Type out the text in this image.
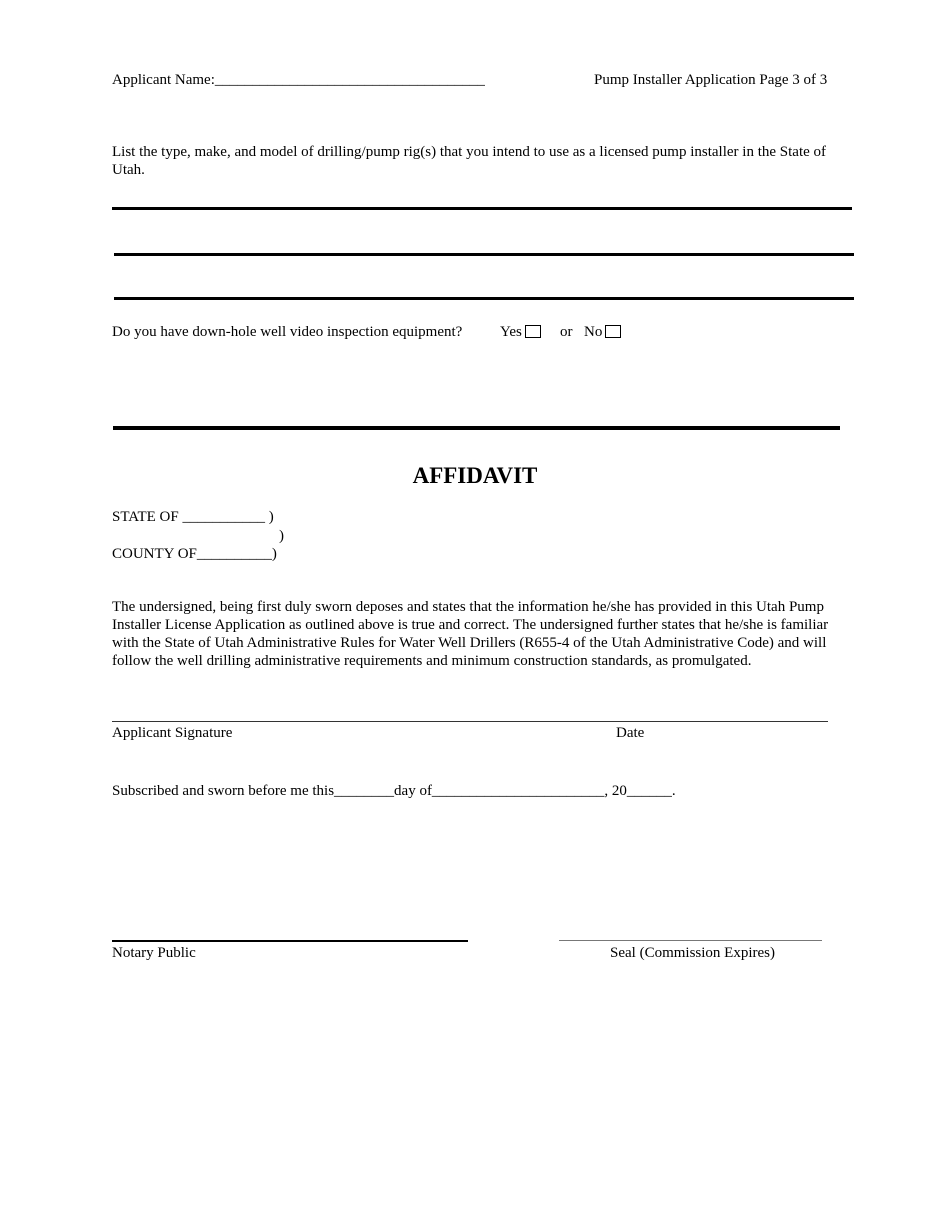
Applicant Name:____________________________________	Pump Installer Application Page 3 of 3
List the type, make, and model of drilling/pump rig(s) that you intend to use as a licensed pump installer in the State of Utah.
Do you have down-hole well video inspection equipment?	Yes	or No
AFFIDAVIT
STATE OF ___________ )
)
COUNTY OF__________)
The undersigned, being first duly sworn deposes and states that the information he/she has provided in this Utah Pump Installer License Application as outlined above is true and correct. The undersigned further states that he/she is familiar with the State of Utah Administrative Rules for Water Well Drillers (R655-4 of the Utah Administrative Code) and will follow the well drilling administrative requirements and minimum construction standards, as promulgated.
Applicant Signature	Date
Subscribed and sworn before me this________day of_______________________, 20______.
Notary Public	Seal (Commission Expires)
